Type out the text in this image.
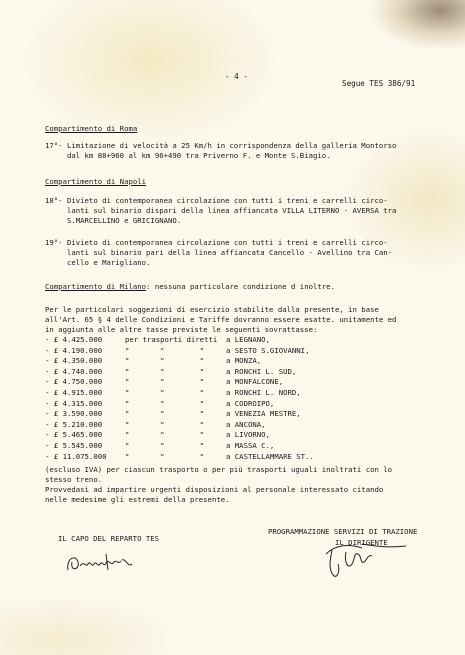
- 4 -
Segue TES 386/91
Compartimento di Roma
17°- Limitazione di velocità a 25 Km/h in corrispondenza della galleria Montorso
dal km 88+960 al km 96+490 tra Priverno F. e Monte S.Biagio.
Compartimento di Napoli
18°- Divieto di contemporanea circolazione con tutti i treni e carrelli circo-
lanti sul binario dispari della linea affiancata VILLA LITERNO - AVERSA tra
S.MARCELLINO e GRICIGNANO.
19°- Divieto di contemporanea circolazione con tutti i treni e carrelli circo-
lanti sul binario pari della linea affiancata Cancello - Avellino tra Can-
cello e Marigliano.
Compartimento di Milano: nessuna particolare condizione d inoltre.
Per le particolari soggezioni di esercizio stabilite dalla presente, in base
all'Art. 65 § 4 delle Condizioni e Tariffe dovranno essere esatte. unitamente ed
in aggiunta alle altre tasse previste le seguenti sovrattasse:
- £ 4.425.000	per trasporti diretti a LEGNANO,
- £ 4.190.000	"       "        "	a SESTO S.GIOVANNI,
- £ 4.350.000	"       "        "	a MONZA,
- £ 4.740.000	"       "        "	a RONCHI L. SUD,
- £ 4.750.000	"       "        "	a MONFALCONE,
- £ 4.915.000	"       "        "	a RONCHI L. NORD,
- £ 4.315.000	"       "        "	a CODROIPO,
- £ 3.590.000	"       "        "	a VENEZIA MESTRE,
- £ 5.210.000	"       "        "	a ANCONA,
- £ 5.465.000	"       "        "	a LIVORNO,
- £ 5.545.000	"       "        "	a MASSA C.,
- £ 11.075.000	"       "        "	a CASTELLAMMARE ST..
(escluso IVA) per ciascun trasporto o per più trasporti uguali inoltrati con lo
stesso treno.
Provvedasi ad impartire urgenti disposizioni al personale interessato citando
nelle medesime gli estremi della presente.
IL CAPO DEL REPARTO TES
PROGRAMMAZIONE SERVIZI DI TRAZIONE
IL DIRIGENTE
